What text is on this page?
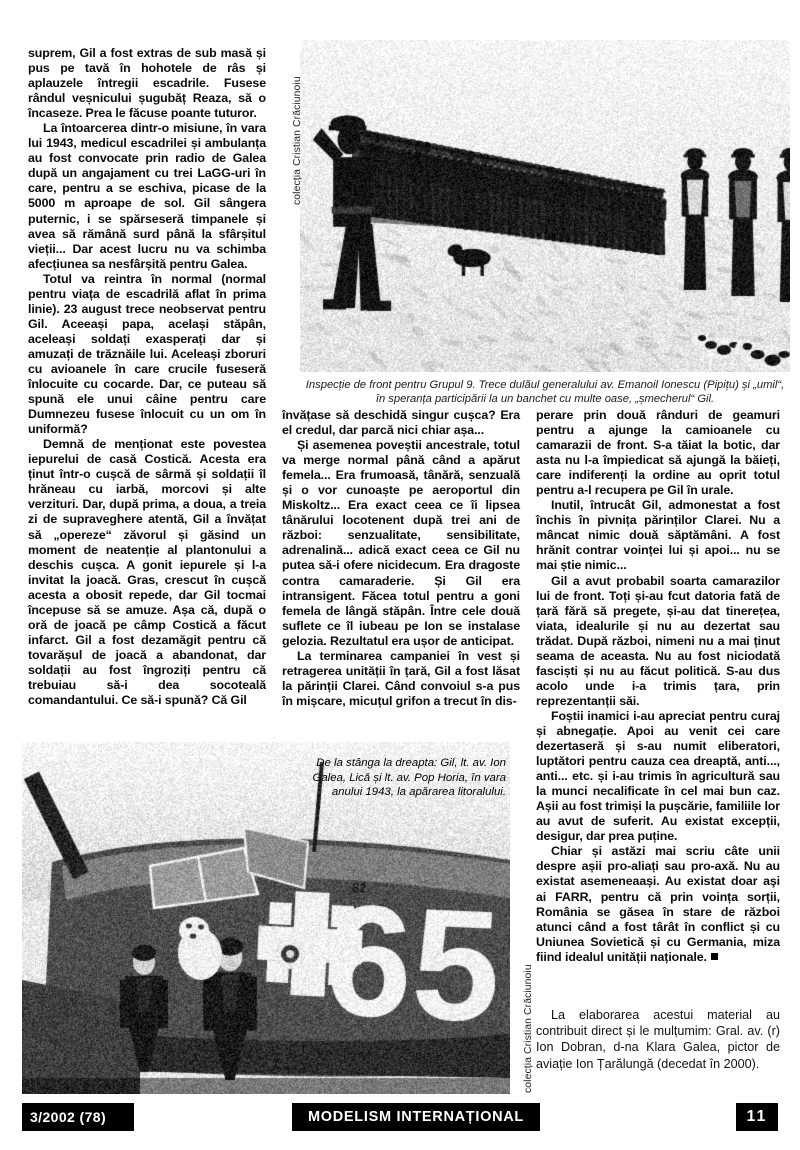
colecția Cristian Crăciunoiu
Inspecție de front pentru Grupul 9. Trece dulăul generalului av. Emanoil Ionescu (Pipițu) și „umil“, în speranța participării la un banchet cu multe oase, „șmecherul“ Gil.

suprem, Gil a fost extras de sub masă și pus pe tavă în hohotele de râs și aplauzele întregii escadrile. Fusese rândul veșnicului șugubăț Reaza, să o încaseze. Prea le făcuse poante tuturor.

La întoarcerea dintr-o misiune, în vara lui 1943, medicul escadrilei și ambulanța au fost convocate prin radio de Galea după un angajament cu trei LaGG-uri în care, pentru a se eschiva, picase de la 5000 m aproape de sol. Gil sângera puternic, i se spărseseră timpanele și avea să rămână surd până la sfârșitul vieții... Dar acest lucru nu va schimba afecțiunea sa nesfârșită pentru Galea.

Totul va reintra în normal (normal pentru viața de escadrilă aflat în prima linie). 23 august trece neobservat pentru Gil. Aceeași papa, același stăpân, aceleași soldați exasperați dar și amuzați de trăznăile lui. Aceleași zboruri cu avioanele în care crucile fuseseră înlocuite cu cocarde. Dar, ce puteau să spună ele unui câine pentru care Dumnezeu fusese înlocuit cu un om în uniformă?

Demnă de menționat este povestea iepurelui de casă Costică. Acesta era ținut într-o cușcă de sârmă și soldații îl hrăneau cu iarbă, morcovi și alte verzituri. Dar, după prima, a doua, a treia zi de supraveghere atentă, Gil a învățat să „opereze“ zăvorul și găsind un moment de neatenție al plantonului a deschis cușca. A gonit iepurele și l-a invitat la joacă. Gras, crescut în cușcă acesta a obosit repede, dar Gil tocmai începuse să se amuze. Așa că, după o oră de joacă pe câmp Costică a făcut infarct. Gil a fost dezamăgit pentru că tovarășul de joacă a abandonat, dar soldații au fost îngroziți pentru că trebuiau să-i dea socoteală comandantului. Ce să-i spună? Că Gil

învățase să deschidă singur cușca? Era el credul, dar parcă nici chiar așa...

Și asemenea poveștii ancestrale, totul va merge normal până când a apărut femela... Era frumoasă, tânără, senzuală și o vor cunoaște pe aeroportul din Miskoltz... Era exact ceea ce îi lipsea tânărului locotenent după trei ani de război: senzualitate, sensibilitate, adrenalină... adică exact ceea ce Gil nu putea să-i ofere nicidecum. Era dragoste contra camaraderie. Și Gil era intransigent. Făcea totul pentru a goni femela de lângă stăpân. Între cele două suflete ce îl iubeau pe Ion se instalase gelozia. Rezultatul era ușor de anticipat.

La terminarea campaniei în vest și retragerea unității în țară, Gil a fost lăsat la părinții Clarei. Când convoiul s-a pus în mișcare, micuțul grifon a trecut în dis-

perare prin două rânduri de geamuri pentru a ajunge la camioanele cu camarazii de front. S-a tăiat la botic, dar asta nu l-a împiedicat să ajungă la băieți, care indiferenți la ordine au oprit totul pentru a-l recupera pe Gil în urale.

Inutil, întrucât Gil, admonestat a fost închis în pivnița părinților Clarei. Nu a mâncat nimic două săptămâni. A fost hrănit contrar voinței lui și apoi... nu se mai știe nimic...

Gil a avut probabil soarta camarazilor lui de front. Toți și-au fcut datoria fată de țară fără să pregete, și-au dat tinerețea, viata, idealurile și nu au dezertat sau trădat. După război, nimeni nu a mai ținut seama de aceasta. Nu au fost niciodată fasciști și nu au făcut politică. S-au dus acolo unde i-a trimis țara, prin reprezentanții săi.

Foștii inamici i-au apreciat pentru curaj și abnegație. Apoi au venit cei care dezertaseră și s-au numit eliberatori, luptători pentru cauza cea dreaptă, anti..., anti... etc. și i-au trimis în agricultură sau la munci necalificate în cel mai bun caz. Așii au fost trimiși la pușcărie, familiile lor au avut de suferit. Au existat excepții, desigur, dar prea puține.

Chiar și astăzi mai scriu câte unii despre așii pro-aliați sau pro-axă. Nu au existat asemeneaași. Au existat doar aşi ai FARR, pentru că prin voința sorții, România se găsea în stare de război atunci când a fost târât în conflict și cu Uniunea Sovietică și cu Germania, miza fiind idealul unității naționale.

La elaborarea acestui material au contribuit direct și le mulțumim: Gral. av. (r) Ion Dobran, d-na Klara Galea, pictor de aviație Ion Țarălungă (decedat în 2000).

De la stânga la dreapta: Gil, lt. av. Ion Galea, Lică și lt. av. Pop Horia, în vara anului 1943, la apărarea litoralului.
colecția Cristian Crăciunoiu
3/2002 (78)	MODELISM INTERNAȚIONAL	11
